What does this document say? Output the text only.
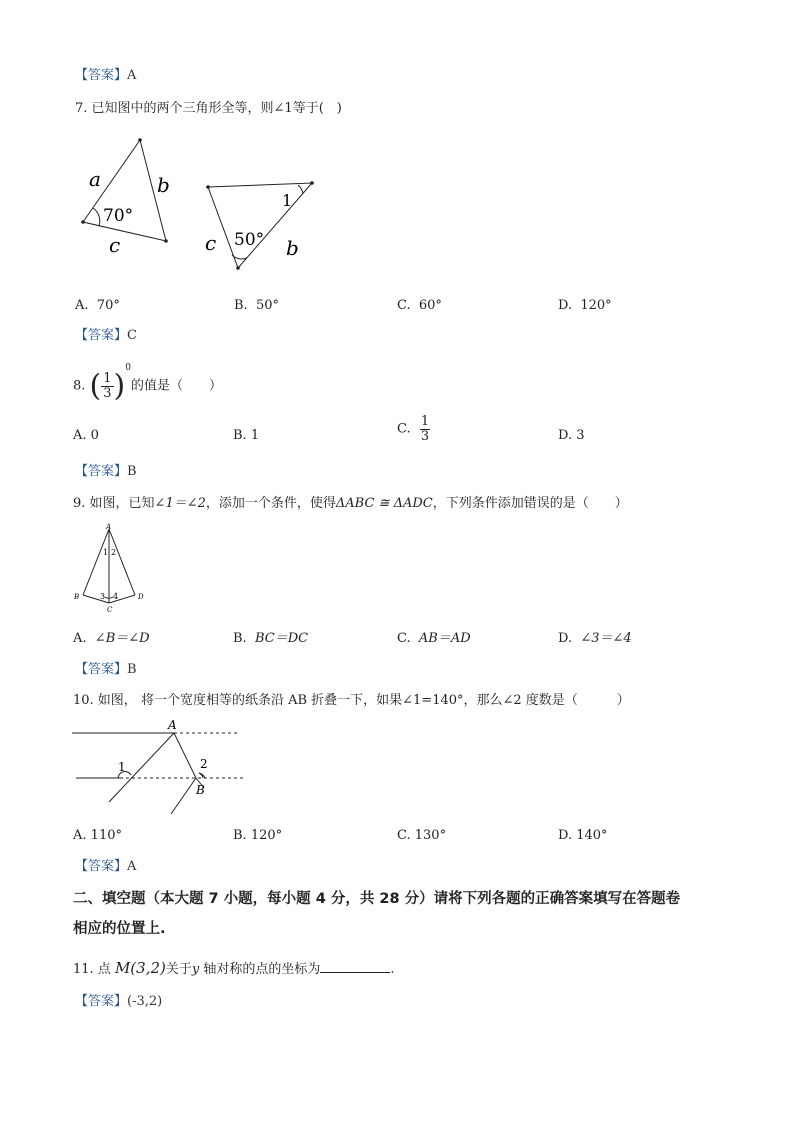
【答案】A
7. 已知图中的两个三角形全等，则∠1等于(　)
a	b
c
70°
1
c 50° b
A. 70°	B. 50°	C. 60°	D. 120°
【答案】C
8. ( $\frac{1}{3} )^0$的值是（　　）
A. 0	B. 1	C. $\frac{1}{3}$	D. 3
【答案】B
9. 如图，已知∠1＝∠2，添加一个条件，使得ΔABC ≅ ΔADC，下列条件添加错误的是（　　）
A
1 2
B	3 4	D
C
A. ∠B＝∠D	B. BC＝DC	C. AB＝AD	D. ∠3＝∠4
【答案】B
10. 如图， 将一个宽度相等的纸条沿 AB 折叠一下，如果∠1=140°，那么∠2 度数是（　　　）
A
1	2
B
A. 110°	B. 120°	C. 130°	D. 140°
【答案】A
二、填空题（本大题 7 小题，每小题 4 分，共 28 分）请将下列各题的正确答案填写在答题卷
相应的位置上.
11. 点 M(3,2)关于y 轴对称的点的坐标为	.
【答案】(-3,2)
